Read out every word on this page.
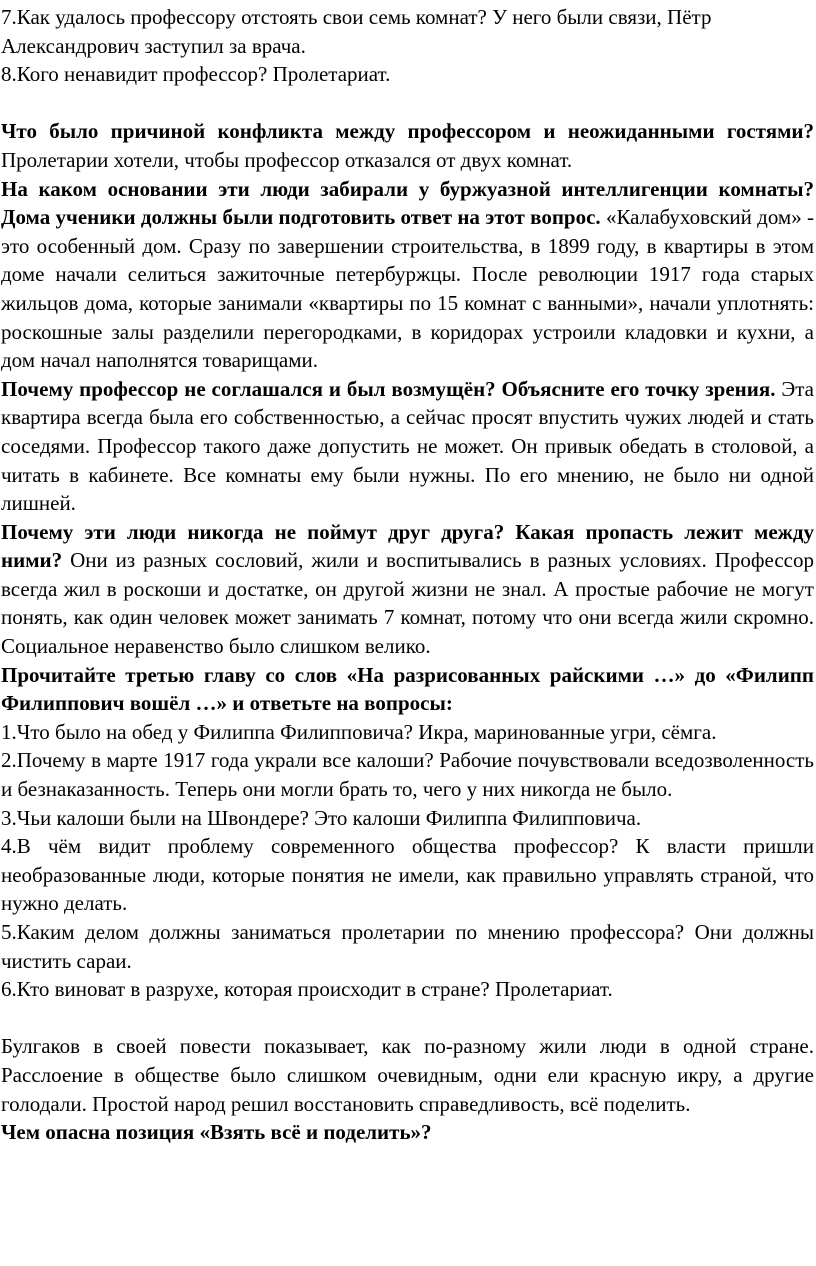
7.Как удалось профессору отстоять свои семь комнат? У него были связи, Пётр Александрович заступил за врача.

8.Кого ненавидит профессор? Пролетариат.

Что было причиной конфликта между профессором и неожиданными гостями? Пролетарии хотели, чтобы профессор отказался от двух комнат.

На каком основании эти люди забирали у буржуазной интеллигенции комнаты? Дома ученики должны были подготовить ответ на этот вопрос. «Калабуховский дом» - это особенный дом. Сразу по завершении строительства, в 1899 году, в квартиры в этом доме начали селиться зажиточные петербуржцы. После революции 1917 года старых жильцов дома, которые занимали «квартиры по 15 комнат с ванными», начали уплотнять: роскошные залы разделили перегородками, в коридорах устроили кладовки и кухни, а дом начал наполнятся товарищами.

Почему профессор не соглашался и был возмущён? Объясните его точку зрения. Эта квартира всегда была его собственностью, а сейчас просят впустить чужих людей и стать соседями. Профессор такого даже допустить не может. Он привык обедать в столовой, а читать в кабинете. Все комнаты ему были нужны. По его мнению, не было ни одной лишней.

Почему эти люди никогда не поймут друг друга? Какая пропасть лежит между ними? Они из разных сословий, жили и воспитывались в разных условиях. Профессор всегда жил в роскоши и достатке, он другой жизни не знал. А простые рабочие не могут понять, как один человек может занимать 7 комнат, потому что они всегда жили скромно. Социальное неравенство было слишком велико.

Прочитайте третью главу со слов «На разрисованных райскими …» до «Филипп Филиппович вошёл …» и ответьте на вопросы:

1.Что было на обед у Филиппа Филипповича? Икра, маринованные угри, сёмга.

2.Почему в марте 1917 года украли все калоши? Рабочие почувствовали вседозволенность и безнаказанность. Теперь они могли брать то, чего у них никогда не было.

3.Чьи калоши были на Швондере? Это калоши Филиппа Филипповича.

4.В чём видит проблему современного общества профессор? К власти пришли необразованные люди, которые понятия не имели, как правильно управлять страной, что нужно делать.

5.Каким делом должны заниматься пролетарии по мнению профессора? Они должны чистить сараи.

6.Кто виноват в разрухе, которая происходит в стране? Пролетариат.

Булгаков в своей повести показывает, как по-разному жили люди в одной стране. Расслоение в обществе было слишком очевидным, одни ели красную икру, а другие голодали. Простой народ решил восстановить справедливость, всё поделить.

Чем опасна позиция «Взять всё и поделить»?
